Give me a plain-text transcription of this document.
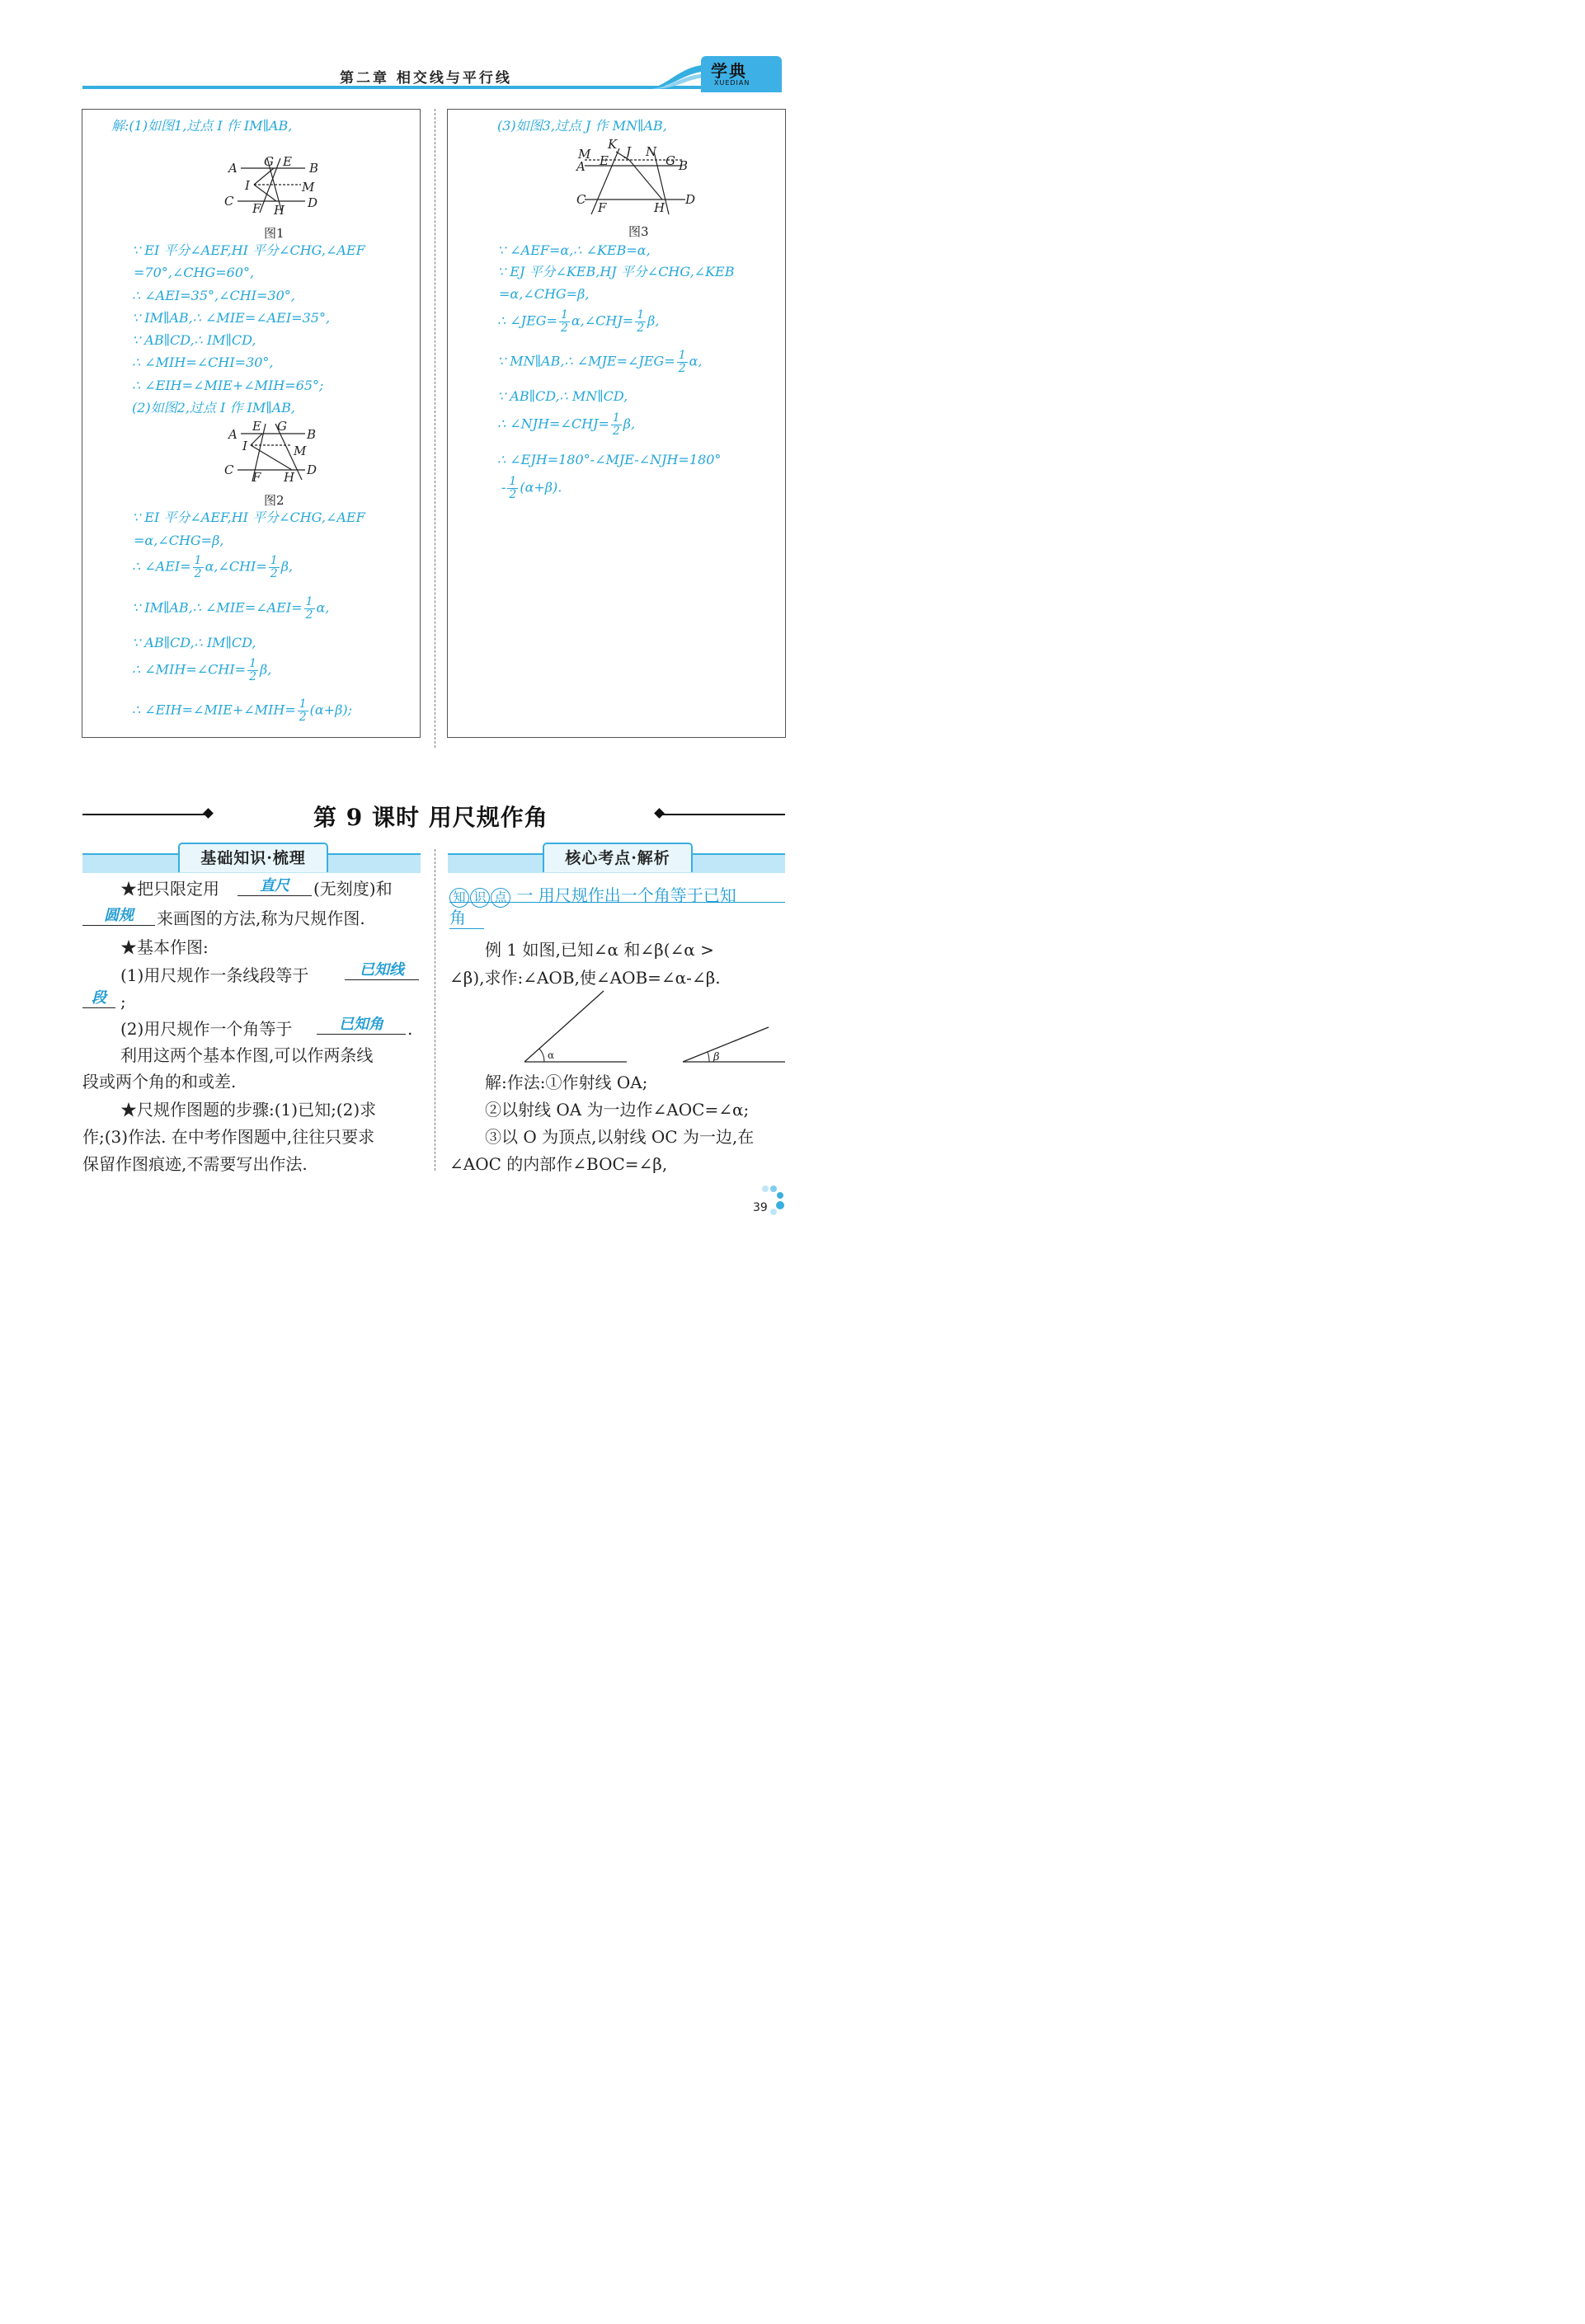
第二章 相交线与平行线	学典
XUEDIAN
解:(1)如图1,过点 I 作 IM∥AB,
A	B
C	D
G E
I	M
F H
图1
∵ EI 平分∠AEF,HI 平分∠CHG,∠AEF
=70°,∠CHG=60°,
∴ ∠AEI=35°,∠CHI=30°,
∵ IM∥AB,∴ ∠MIE=∠AEI=35°,
∵ AB∥CD,∴ IM∥CD,
∴ ∠MIH=∠CHI=30°,
∴ ∠EIH=∠MIE+∠MIH=65°;
(2)如图2,过点 I 作 IM∥AB,
A	B
C	D
E G
I	M
F H
图2
∵ EI 平分∠AEF,HI 平分∠CHG,∠AEF
=α,∠CHG=β,
∴ ∠AEI= $\frac{1}{2}$ α,∠CHI= $\frac{1}{2} \beta$,
∵ IM∥AB,∴ ∠MIE=∠AEI= $\frac{1}{2} \alpha$,
∵ AB∥CD,∴ IM∥CD,
∴ ∠MIH=∠CHI= $\frac{1}{2} \beta$,
∴ ∠EIH=∠MIE+∠MIH= $\frac{1}{2} (\alpha+\beta)$;
(3)如图3,过点 J 作 MN∥AB,
K
M	J N
A E	G B
C
F	H
D
图3
∵ ∠AEF=α,∴ ∠KEB=α,
∵ EJ 平分∠KEB,HJ 平分∠CHG,∠KEB
=α,∠CHG=β,
∴ ∠JEG= $\frac{1}{2}$ α,∠CHJ= $\frac{1}{2} \beta$,
∵ MN∥AB,∴ ∠MJE=∠JEG= $\frac{1}{2} \alpha$,
∵ AB∥CD,∴ MN∥CD,
∴ ∠NJH=∠CHJ= $\frac{1}{2} \beta$,
∴ ∠EJH=180°-∠MJE-∠NJH=180°
- $\frac{1}{2} (\alpha+\beta)$.
第 9 课时 用尺规作角
基础知识·梳理	核心考点·解析
★把只限定用	直尺	(无刻度)和
圆规	来画图的方法,称为尺规作图.
★基本作图:
(1)用尺规作一条线段等于	已知线
段 ;
(2)用尺规作一个角等于	已知角	.
利用这两个基本作图,可以作两条线
段或两个角的和或差.
★尺规作图题的步骤:(1)已知;(2)求
作;(3)作法. 在中考作图题中,往往只要求
保留作图痕迹,不需要写出作法.
知 识 点 一 用尺规作出一个角等于已知
角
例 1 如图,已知∠α 和∠β(∠α >
∠β),求作:∠AOB,使∠AOB=∠α-∠β.
α	β
解:作法:①作射线 OA;
②以射线 OA 为一边作∠AOC=∠α;
③以 O 为顶点,以射线 OC 为一边,在
∠AOC 的内部作∠BOC=∠β,
39
